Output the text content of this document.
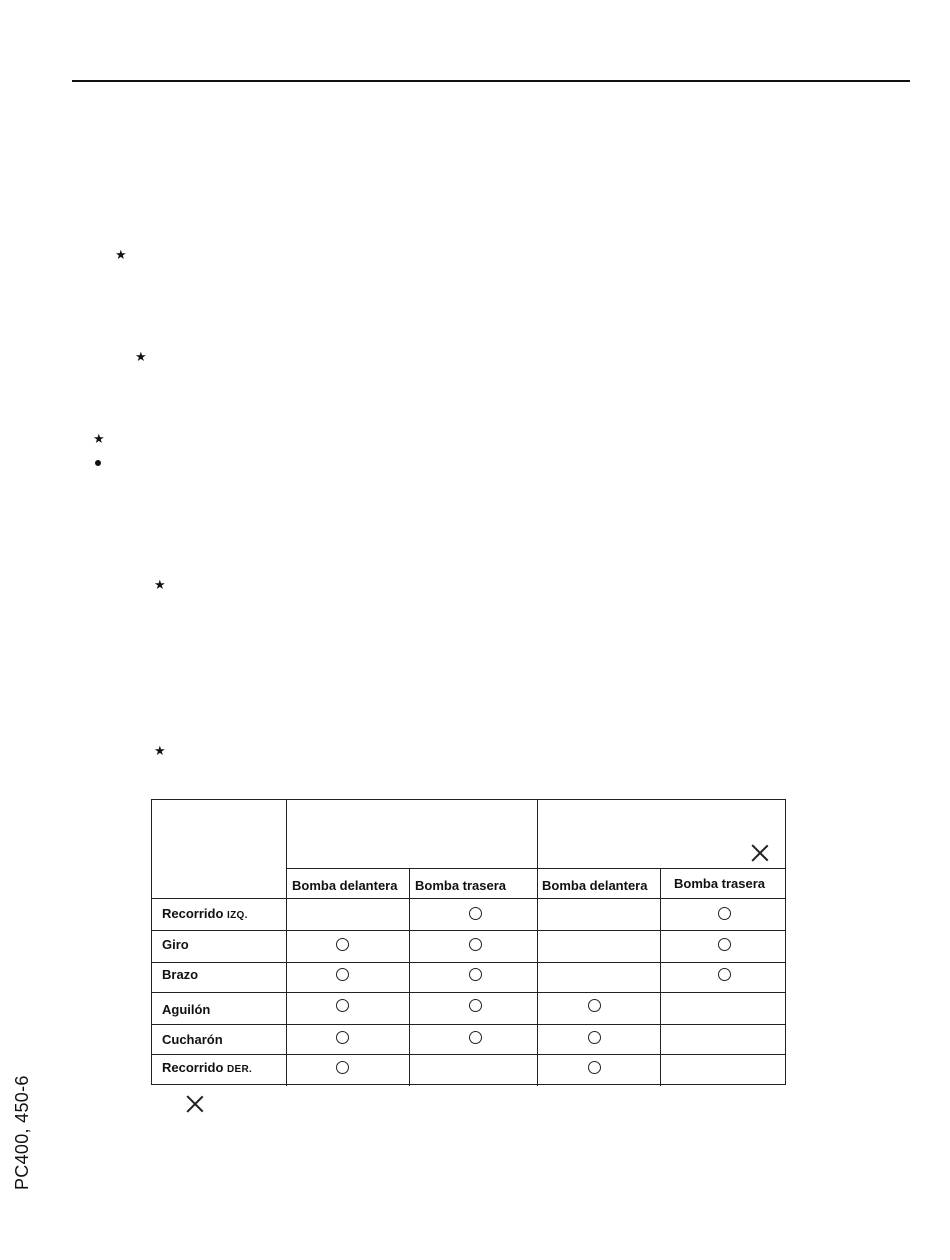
★
★
★
★
★
Bomba delantera Bomba trasera	Bomba delantera Bomba trasera
Recorrido IZQ.
Giro
Brazo
Aguilón
Cucharón
Recorrido DER.
PC400, 450-6
